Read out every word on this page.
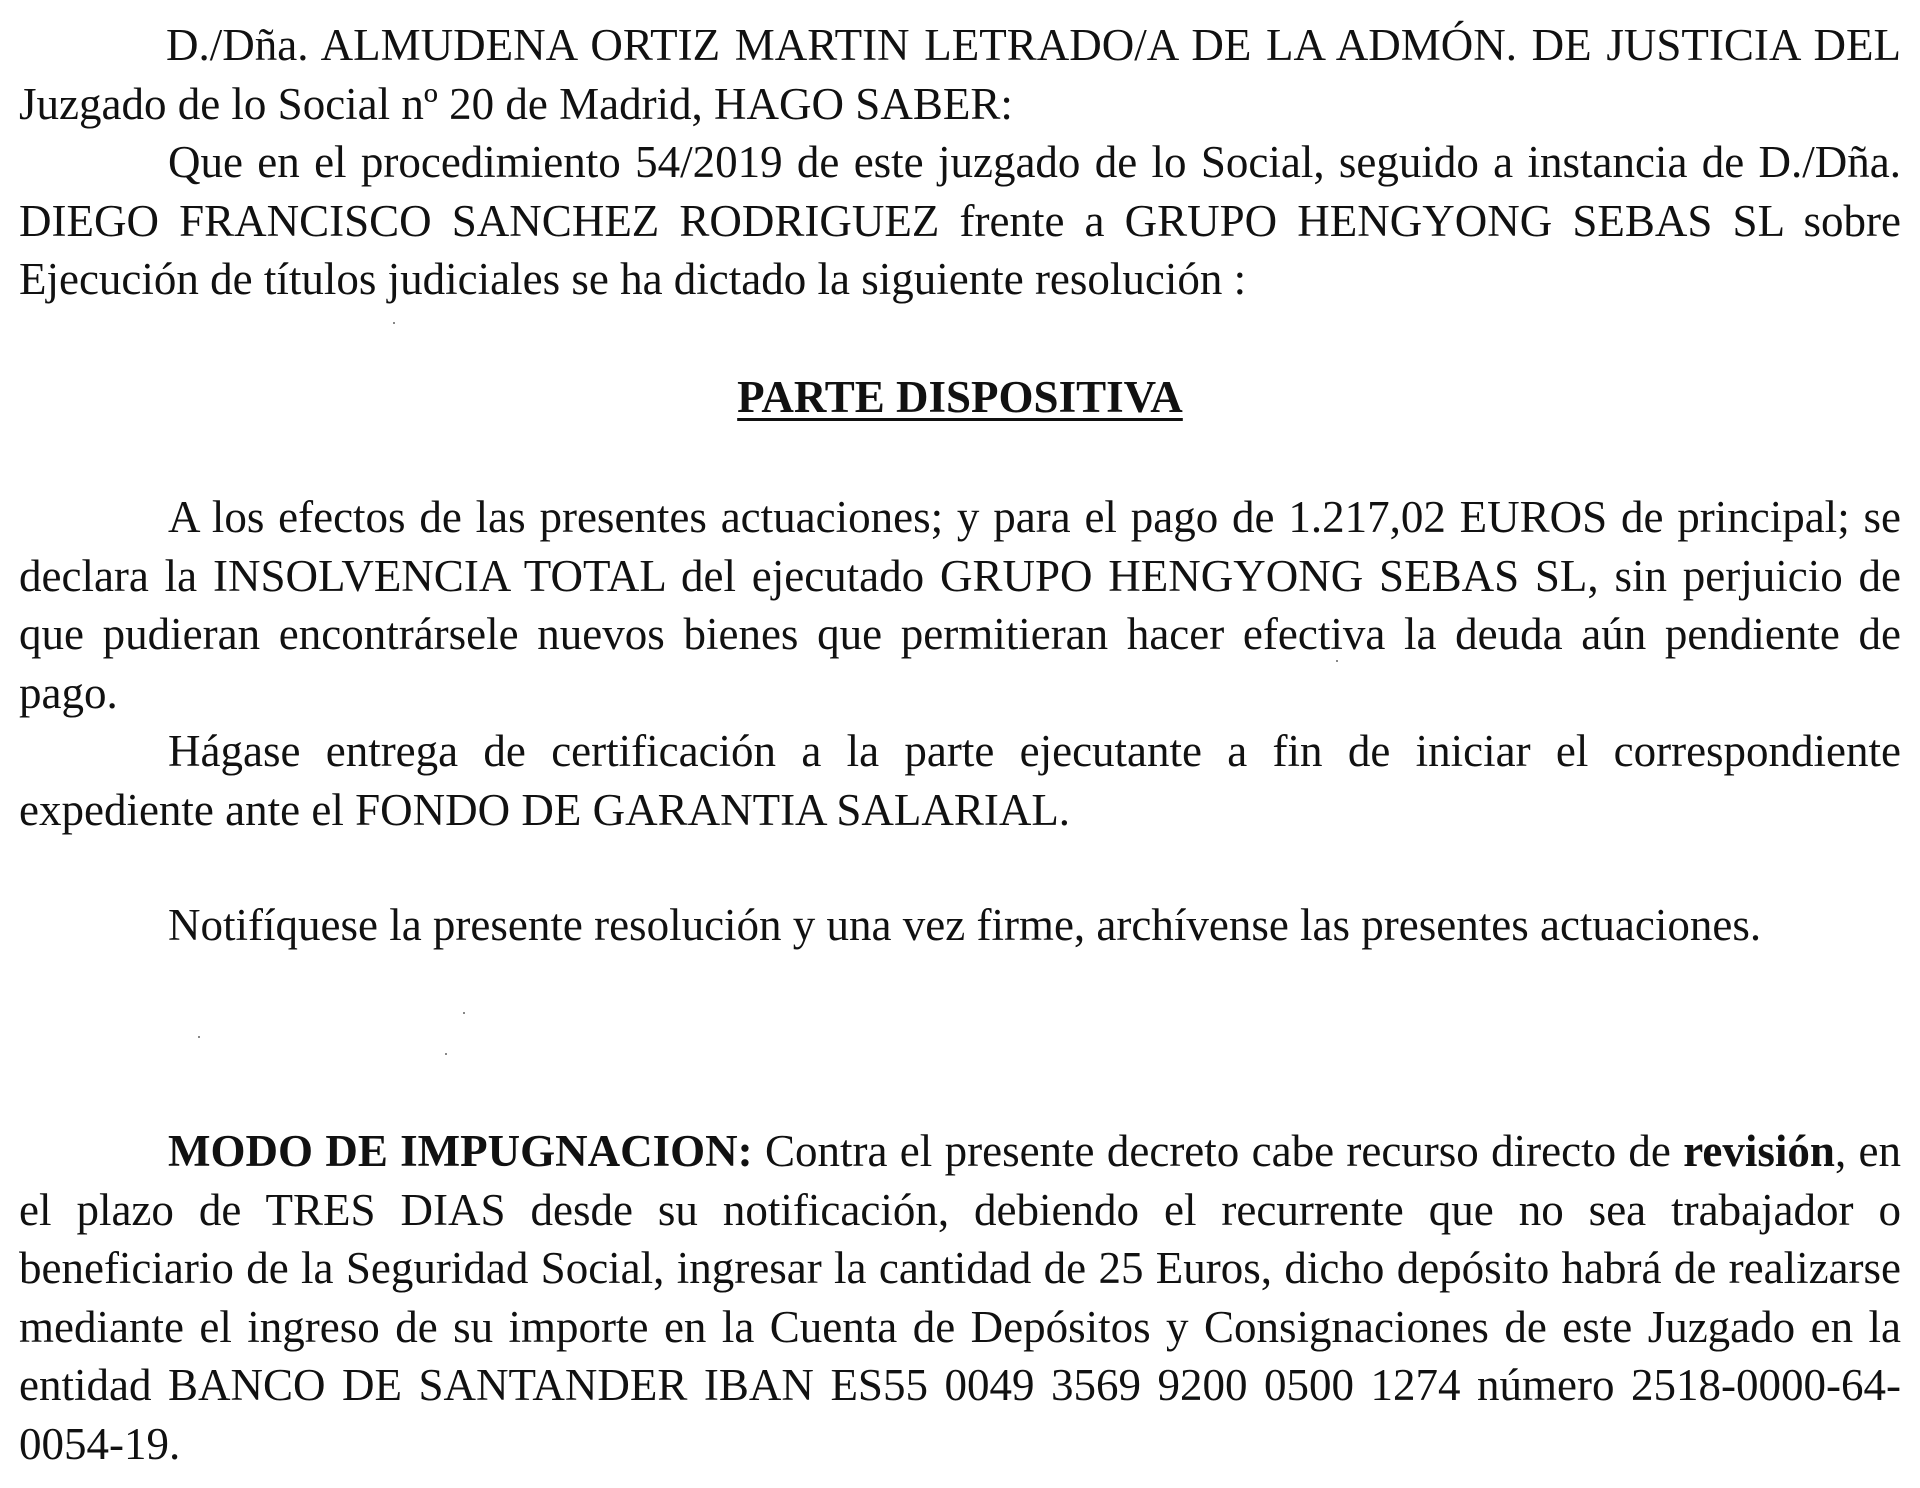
D./Dña. ALMUDENA ORTIZ MARTIN LETRADO/A DE LA ADMÓN. DE JUSTICIA DEL Juzgado de lo Social nº 20 de Madrid, HAGO SABER:

Que en el procedimiento 54/2019 de este juzgado de lo Social, seguido a instancia de D./Dña. DIEGO FRANCISCO SANCHEZ RODRIGUEZ frente a GRUPO HENGYONG SEBAS SL sobre Ejecución de títulos judiciales se ha dictado la siguiente resolución :

PARTE DISPOSITIVA

A los efectos de las presentes actuaciones; y para el pago de 1.217,02 EUROS de principal; se declara la INSOLVENCIA TOTAL del ejecutado GRUPO HENGYONG SEBAS SL, sin perjuicio de que pudieran encontrársele nuevos bienes que permitieran hacer efectiva la deuda aún pendiente de pago.

Hágase entrega de certificación a la parte ejecutante a fin de iniciar el correspondiente expediente ante el FONDO DE GARANTIA SALARIAL.

Notifíquese la presente resolución y una vez firme, archívense las presentes actuaciones.

MODO DE IMPUGNACION: Contra el presente decreto cabe recurso directo de revisión, en el plazo de TRES DIAS desde su notificación, debiendo el recurrente que no sea trabajador o beneficiario de la Seguridad Social, ingresar la cantidad de 25 Euros, dicho depósito habrá de realizarse mediante el ingreso de su importe en la Cuenta de Depósitos y Consignaciones de este Juzgado en la entidad BANCO DE SANTANDER IBAN ES55 0049 3569 9200 0500 1274 número 2518-0000-64-0054-19.
